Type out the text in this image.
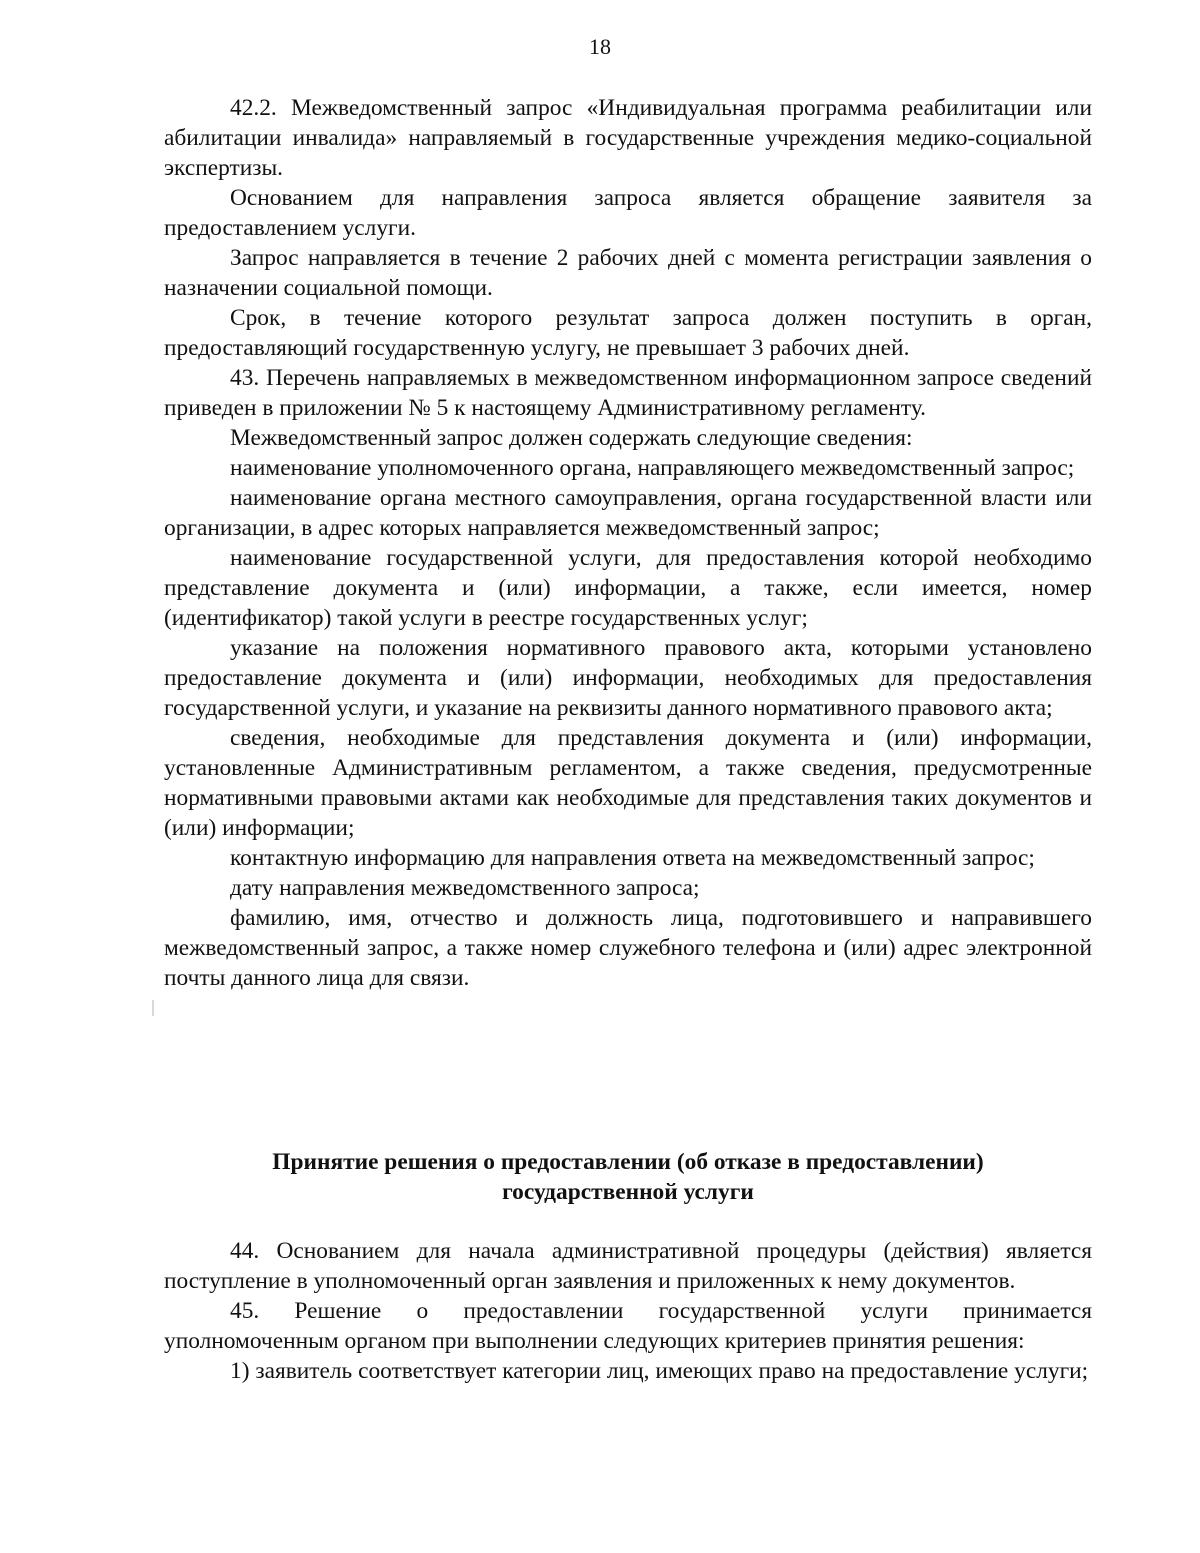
18

42.2. Межведомственный запрос «Индивидуальная программа реабилитации или абилитации инвалида» направляемый в государственные учреждения медико-социальной экспертизы.

Основанием для направления запроса является обращение заявителя за предоставлением услуги.

Запрос направляется в течение 2 рабочих дней с момента регистрации заявления о назначении социальной помощи.

Срок, в течение которого результат запроса должен поступить в орган, предоставляющий государственную услугу, не превышает 3 рабочих дней.

43. Перечень направляемых в межведомственном информационном запросе сведений приведен в приложении № 5 к настоящему Административному регламенту.

Межведомственный запрос должен содержать следующие сведения:

наименование уполномоченного органа, направляющего межведомственный запрос;

наименование органа местного самоуправления, органа государственной власти или организации, в адрес которых направляется межведомственный запрос;

наименование государственной услуги, для предоставления которой необходимо представление документа и (или) информации, а также, если имеется, номер (идентификатор) такой услуги в реестре государственных услуг;

указание на положения нормативного правового акта, которыми установлено предоставление документа и (или) информации, необходимых для предоставления государственной услуги, и указание на реквизиты данного нормативного правового акта;

сведения, необходимые для представления документа и (или) информации, установленные Административным регламентом, а также сведения, предусмотренные нормативными правовыми актами как необходимые для представления таких документов и (или) информации;

контактную информацию для направления ответа на межведомственный запрос;

дату направления межведомственного запроса;

фамилию, имя, отчество и должность лица, подготовившего и направившего межведомственный запрос, а также номер служебного телефона и (или) адрес электронной почты данного лица для связи.

Принятие решения о предоставлении (об отказе в предоставлении)
государственной услуги

44. Основанием для начала административной процедуры (действия) является поступление в уполномоченный орган заявления и приложенных к нему документов.

45. Решение о предоставлении государственной услуги принимается уполномоченным органом при выполнении следующих критериев принятия решения:

1) заявитель соответствует категории лиц, имеющих право на предоставление услуги;
